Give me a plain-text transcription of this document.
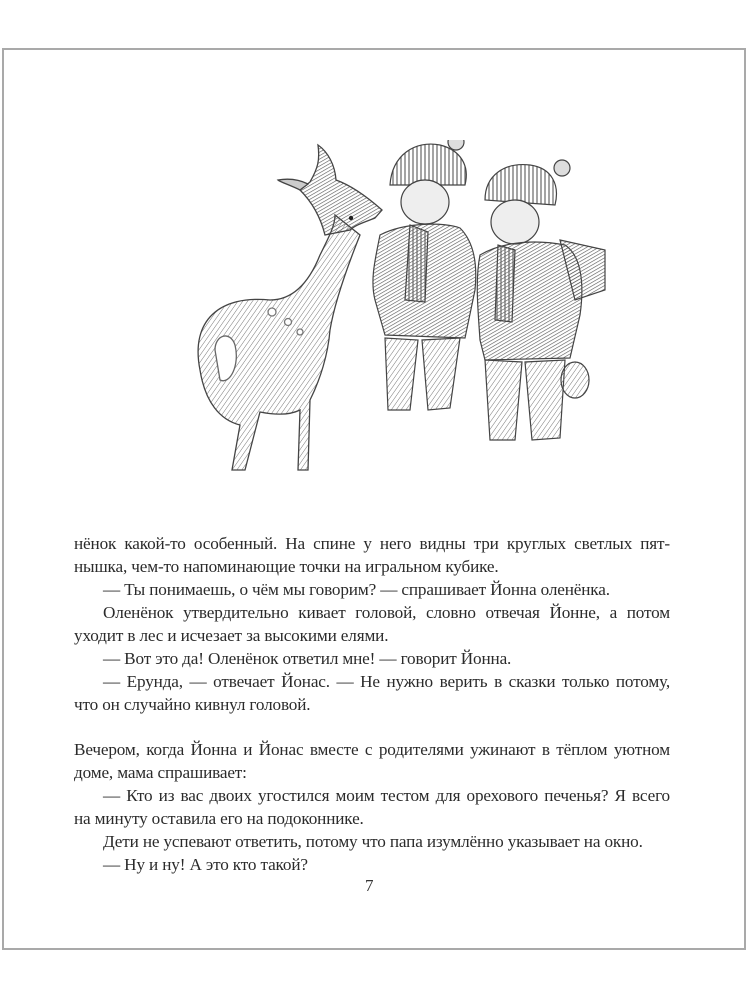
нёнок какой-то особенный. На спине у него видны три круглых светлых пят-
нышка, чем-то напоминающие точки на игральном кубике.
— Ты понимаешь, о чём мы говорим? — спрашивает Йонна оленёнка.
Оленёнок утвердительно кивает головой, словно отвечая Йонне, а потом
уходит в лес и исчезает за высокими елями.
— Вот это да! Оленёнок ответил мне! — говорит Йонна.
— Ерунда, — отвечает Йонас. — Не нужно верить в сказки только потому,
что он случайно кивнул головой.
Вечером, когда Йонна и Йонас вместе с родителями ужинают в тёплом уютном
доме, мама спрашивает:
— Кто из вас двоих угостился моим тестом для орехового печенья? Я всего
на минуту оставила его на подоконнике.
Дети не успевают ответить, потому что папа изумлённо указывает на окно.
— Ну и ну! А это кто такой?
7
